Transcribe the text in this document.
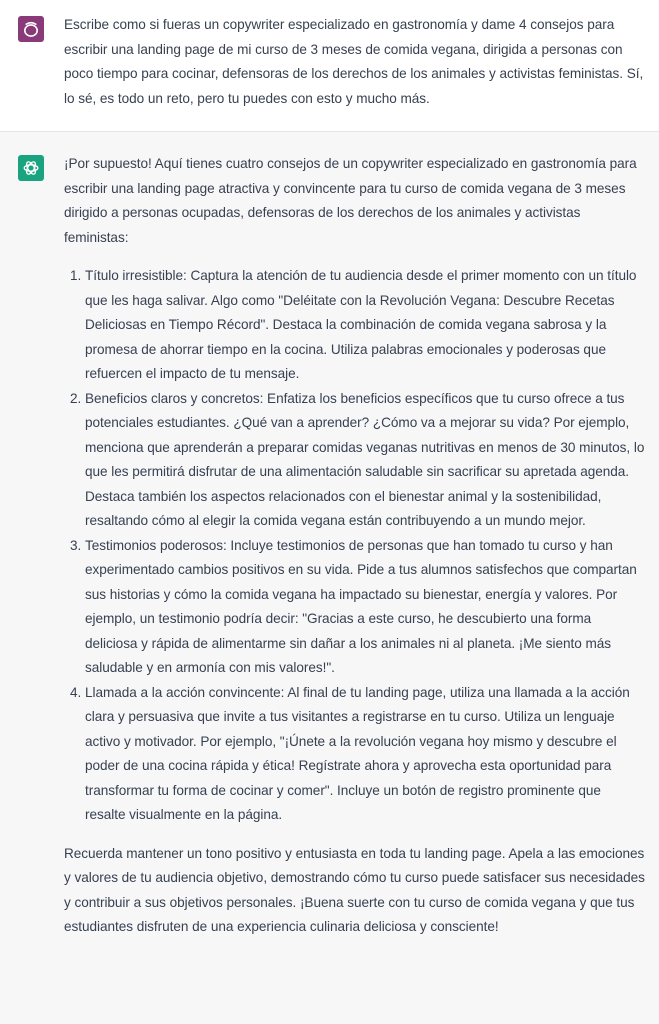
Escribe como si fueras un copywriter especializado en gastronomía y dame 4 consejos para escribir una landing page de mi curso de 3 meses de comida vegana, dirigida a personas con poco tiempo para cocinar, defensoras de los derechos de los animales y activistas feministas. Sí, lo sé, es todo un reto, pero tu puedes con esto y mucho más.

¡Por supuesto! Aquí tienes cuatro consejos de un copywriter especializado en gastronomía para escribir una landing page atractiva y convincente para tu curso de comida vegana de 3 meses dirigido a personas ocupadas, defensoras de los derechos de los animales y activistas feministas:

1. Título irresistible: Captura la atención de tu audiencia desde el primer momento con un título que les haga salivar. Algo como "Deléitate con la Revolución Vegana: Descubre Recetas Deliciosas en Tiempo Récord". Destaca la combinación de comida vegana sabrosa y la promesa de ahorrar tiempo en la cocina. Utiliza palabras emocionales y poderosas que refuercen el impacto de tu mensaje.
2. Beneficios claros y concretos: Enfatiza los beneficios específicos que tu curso ofrece a tus potenciales estudiantes. ¿Qué van a aprender? ¿Cómo va a mejorar su vida? Por ejemplo, menciona que aprenderán a preparar comidas veganas nutritivas en menos de 30 minutos, lo que les permitirá disfrutar de una alimentación saludable sin sacrificar su apretada agenda. Destaca también los aspectos relacionados con el bienestar animal y la sostenibilidad, resaltando cómo al elegir la comida vegana están contribuyendo a un mundo mejor.
3. Testimonios poderosos: Incluye testimonios de personas que han tomado tu curso y han experimentado cambios positivos en su vida. Pide a tus alumnos satisfechos que compartan sus historias y cómo la comida vegana ha impactado su bienestar, energía y valores. Por ejemplo, un testimonio podría decir: "Gracias a este curso, he descubierto una forma deliciosa y rápida de alimentarme sin dañar a los animales ni al planeta. ¡Me siento más saludable y en armonía con mis valores!".
4. Llamada a la acción convincente: Al final de tu landing page, utiliza una llamada a la acción clara y persuasiva que invite a tus visitantes a registrarse en tu curso. Utiliza un lenguaje activo y motivador. Por ejemplo, "¡Únete a la revolución vegana hoy mismo y descubre el poder de una cocina rápida y ética! Regístrate ahora y aprovecha esta oportunidad para transformar tu forma de cocinar y comer". Incluye un botón de registro prominente que resalte visualmente en la página.

Recuerda mantener un tono positivo y entusiasta en toda tu landing page. Apela a las emociones y valores de tu audiencia objetivo, demostrando cómo tu curso puede satisfacer sus necesidades y contribuir a sus objetivos personales. ¡Buena suerte con tu curso de comida vegana y que tus estudiantes disfruten de una experiencia culinaria deliciosa y consciente!
